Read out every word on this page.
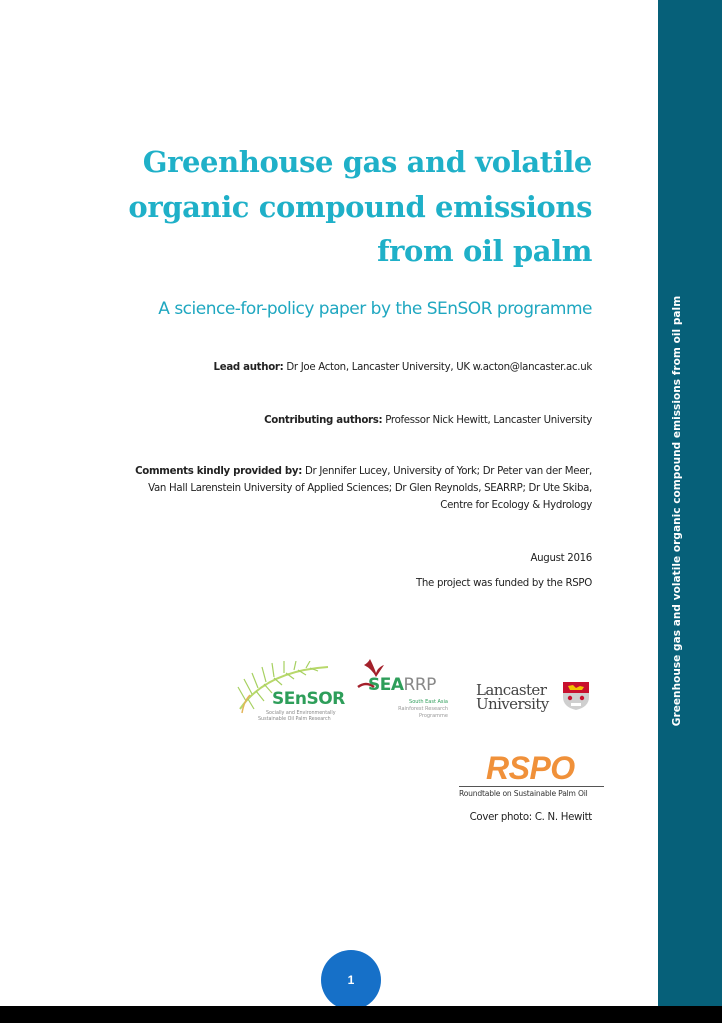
Greenhouse gas and volatile organic compound emissions from oil palm
Greenhouse gas and volatile
organic compound emissions
from oil palm
A science-for-policy paper by the SEnSOR programme
Lead author: Dr Joe Acton, Lancaster University, UK w.acton@lancaster.ac.uk
Contributing authors: Professor Nick Hewitt, Lancaster University
Comments kindly provided by: Dr Jennifer Lucey, University of York; Dr Peter van der Meer,
Van Hall Larenstein University of Applied Sciences; Dr Glen Reynolds, SEARRP; Dr Ute Skiba,
Centre for Ecology & Hydrology
August 2016
The project was funded by the RSPO
SEnSOR
Socially and Environmentally
Sustainable Oil Palm Research
SEARRP
South East Asia
Rainforest Research
Programme
Lancaster
University
RSPO
Roundtable on Sustainable Palm Oil
Cover photo: C. N. Hewitt
1
